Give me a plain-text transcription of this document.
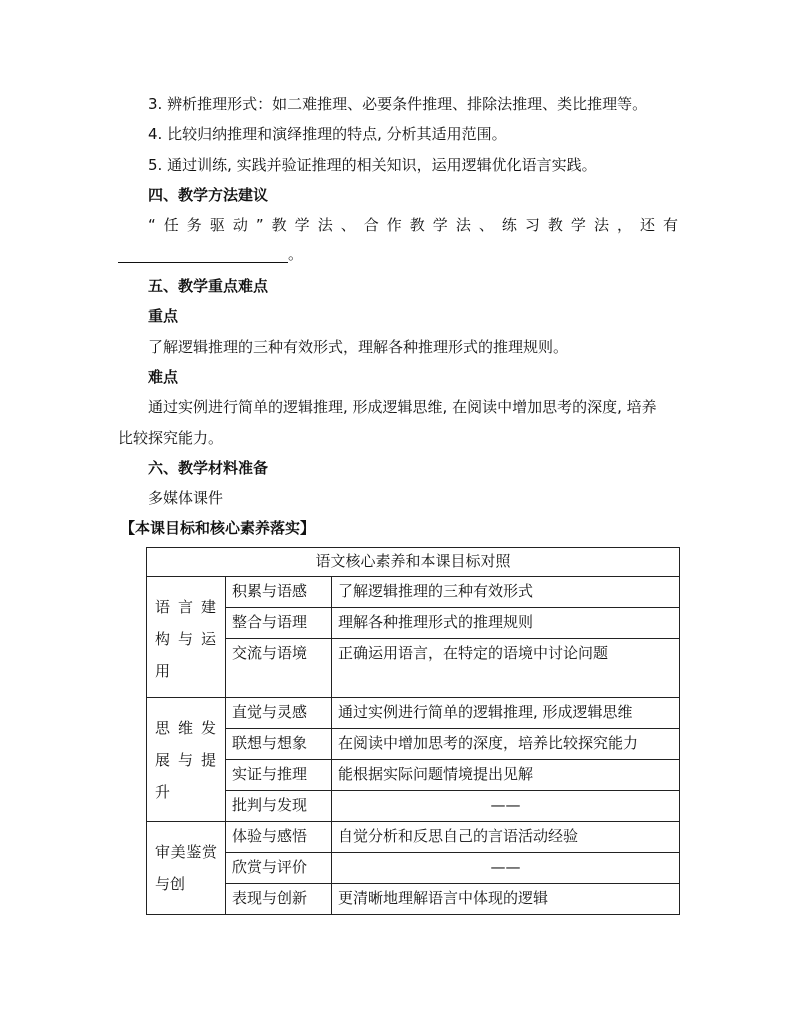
3. 辨析推理形式：如二难推理、必要条件推理、排除法推理、类比推理等。
4. 比较归纳推理和演绎推理的特点, 分析其适用范围。
5. 通过训练, 实践并验证推理的相关知识，运用逻辑优化语言实践。
四、教学方法建议
“任务驱动”教学法、合作教学法、练习教学法，还有
。
五、教学重点难点
重点
了解逻辑推理的三种有效形式，理解各种推理形式的推理规则。
难点
通过实例进行简单的逻辑推理, 形成逻辑思维, 在阅读中增加思考的深度, 培养
比较探究能力。
六、教学材料准备
多媒体课件
【本课目标和核心素养落实】
语文核心素养和本课目标对照		
语言建构与运用	积累与语感	了解逻辑推理的三种有效形式
	整合与语理	理解各种推理形式的推理规则
	交流与语境	正确运用语言，在特定的语境中讨论问题
思维发展与提升	直觉与灵感	通过实例进行简单的逻辑推理, 形成逻辑思维
	联想与想象	在阅读中增加思考的深度，培养比较探究能力
	实证与推理	能根据实际问题情境提出见解
	批判与发现	——
审美鉴赏与创	体验与感悟	自觉分析和反思自己的言语活动经验
	欣赏与评价	——
	表现与创新	更清晰地理解语言中体现的逻辑
